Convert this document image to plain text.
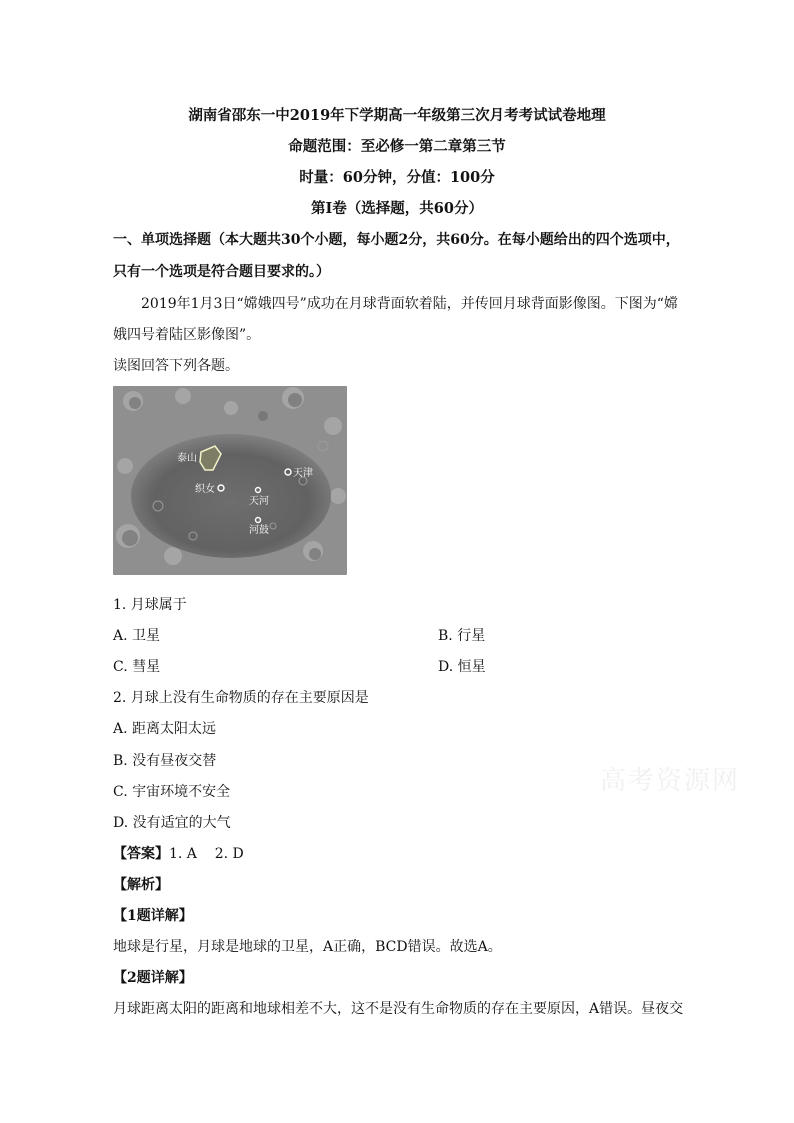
湖南省邵东一中2019年下学期高一年级第三次月考考试试卷地理
命题范围：至必修一第二章第三节
时量：60分钟，分值：100分
第Ⅰ卷（选择题，共60分）
一、单项选择题（本大题共30个小题，每小题2分，共60分。在每小题给出的四个选项中，
只有一个选项是符合题目要求的。）
2019年1月3日“嫦娥四号”成功在月球背面软着陆，并传回月球背面影像图。下图为“嫦
娥四号着陆区影像图”。
读图回答下列各题。
泰山
天津
织女
天河
河鼓
1. 月球属于
A. 卫星	B. 行星
C. 彗星	D. 恒星
2. 月球上没有生命物质的存在主要原因是
A. 距离太阳太远
B. 没有昼夜交替
C. 宇宙环境不安全
D. 没有适宜的大气
【答案】1. A    2. D
【解析】
【1题详解】
地球是行星，月球是地球的卫星，A正确，BCD错误。故选A。
【2题详解】
月球距离太阳的距离和地球相差不大，这不是没有生命物质的存在主要原因，A错误。昼夜交
高考资源网
